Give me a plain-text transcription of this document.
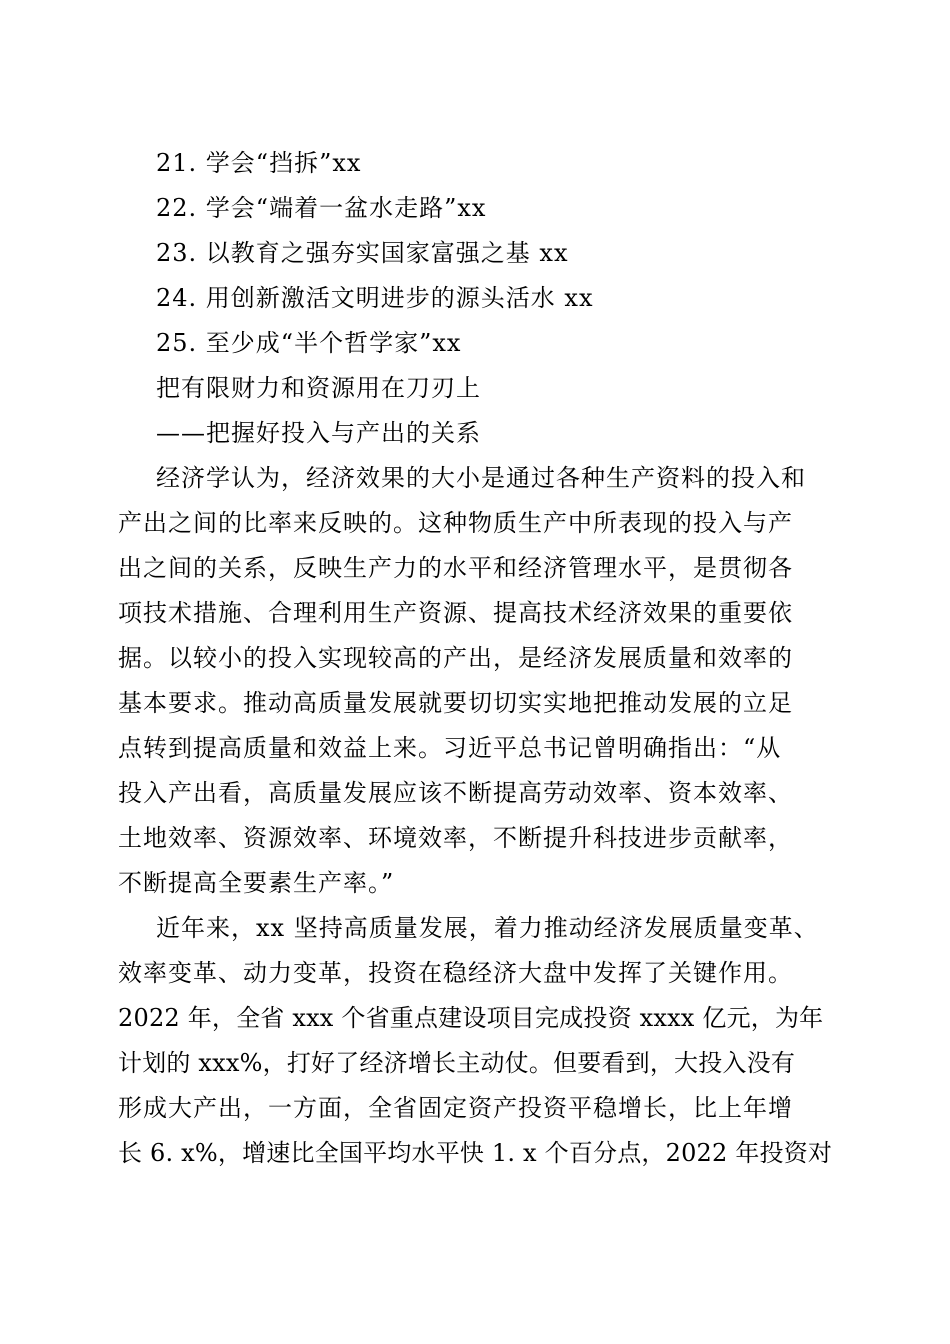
21. 学会“挡拆”xx
22. 学会“端着一盆水走路”xx
23. 以教育之强夯实国家富强之基 xx
24. 用创新激活文明进步的源头活水 xx
25. 至少成“半个哲学家”xx
把有限财力和资源用在刀刃上
——把握好投入与产出的关系
经济学认为，经济效果的大小是通过各种生产资料的投入和
产出之间的比率来反映的。这种物质生产中所表现的投入与产
出之间的关系，反映生产力的水平和经济管理水平，是贯彻各
项技术措施、合理利用生产资源、提高技术经济效果的重要依
据。以较小的投入实现较高的产出，是经济发展质量和效率的
基本要求。推动高质量发展就要切切实实地把推动发展的立足
点转到提高质量和效益上来。习近平总书记曾明确指出：“从
投入产出看，高质量发展应该不断提高劳动效率、资本效率、
土地效率、资源效率、环境效率，不断提升科技进步贡献率，
不断提高全要素生产率。”
近年来，xx 坚持高质量发展，着力推动经济发展质量变革、
效率变革、动力变革，投资在稳经济大盘中发挥了关键作用。
2022 年，全省 xxx 个省重点建设项目完成投资 xxxx 亿元，为年
计划的 xxx%，打好了经济增长主动仗。但要看到，大投入没有
形成大产出，一方面，全省固定资产投资平稳增长，比上年增
长 6. x%，增速比全国平均水平快 1. x 个百分点，2022 年投资对
